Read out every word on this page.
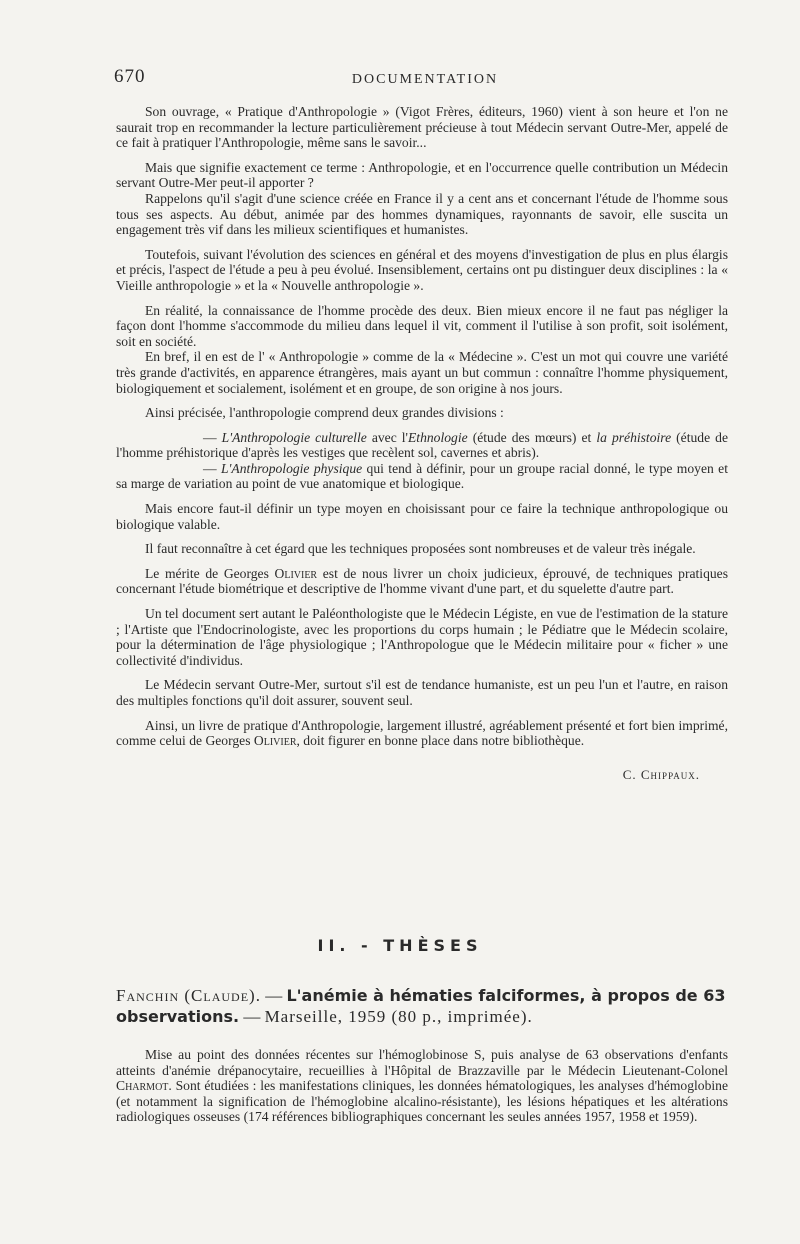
670	DOCUMENTATION

Son ouvrage, « Pratique d'Anthropologie » (Vigot Frères, éditeurs, 1960) vient à son heure et l'on ne saurait trop en recommander la lecture particulièrement précieuse à tout Médecin servant Outre-Mer, appelé de ce fait à pratiquer l'Anthropologie, même sans le savoir...

Mais que signifie exactement ce terme : Anthropologie, et en l'occurrence quelle contribution un Médecin servant Outre-Mer peut-il apporter ?

Rappelons qu'il s'agit d'une science créée en France il y a cent ans et concernant l'étude de l'homme sous tous ses aspects. Au début, animée par des hommes dynamiques, rayonnants de savoir, elle suscita un engagement très vif dans les milieux scientifiques et humanistes.

Toutefois, suivant l'évolution des sciences en général et des moyens d'investigation de plus en plus élargis et précis, l'aspect de l'étude a peu à peu évolué. Insensiblement, certains ont pu distinguer deux disciplines : la « Vieille anthropologie » et la « Nouvelle anthropologie ».

En réalité, la connaissance de l'homme procède des deux. Bien mieux encore il ne faut pas négliger la façon dont l'homme s'accommode du milieu dans lequel il vit, comment il l'utilise à son profit, soit isolément, soit en société.

En bref, il en est de l' « Anthropologie » comme de la « Médecine ». C'est un mot qui couvre une variété très grande d'activités, en apparence étrangères, mais ayant un but commun : connaître l'homme physiquement, biologiquement et socialement, isolément et en groupe, de son origine à nos jours.

Ainsi précisée, l'anthropologie comprend deux grandes divisions :

— L'Anthropologie culturelle avec l'Ethnologie (étude des mœurs) et la préhistoire (étude de l'homme préhistorique d'après les vestiges que recèlent sol, cavernes et abris).

— L'Anthropologie physique qui tend à définir, pour un groupe racial donné, le type moyen et sa marge de variation au point de vue anatomique et biologique.

Mais encore faut-il définir un type moyen en choisissant pour ce faire la technique anthropologique ou biologique valable.

Il faut reconnaître à cet égard que les techniques proposées sont nombreuses et de valeur très inégale.

Le mérite de Georges Olivier est de nous livrer un choix judicieux, éprouvé, de techniques pratiques concernant l'étude biométrique et descriptive de l'homme vivant d'une part, et du squelette d'autre part.

Un tel document sert autant le Paléonthologiste que le Médecin Légiste, en vue de l'estimation de la stature ; l'Artiste que l'Endocrinologiste, avec les proportions du corps humain ; le Pédiatre que le Médecin scolaire, pour la détermination de l'âge physiologique ; l'Anthropologue que le Médecin militaire pour « ficher » une collectivité d'individus.

Le Médecin servant Outre-Mer, surtout s'il est de tendance humaniste, est un peu l'un et l'autre, en raison des multiples fonctions qu'il doit assurer, souvent seul.

Ainsi, un livre de pratique d'Anthropologie, largement illustré, agréablement présenté et fort bien imprimé, comme celui de Georges Olivier, doit figurer en bonne place dans notre bibliothèque.

C. Chippaux.
II. - THÈSES
Fanchin (Claude). — L'anémie à hématies falciformes, à propos de 63 observations. — Marseille, 1959 (80 p., imprimée).

Mise au point des données récentes sur l'hémoglobinose S, puis analyse de 63 observations d'enfants atteints d'anémie drépanocytaire, recueillies à l'Hôpital de Brazzaville par le Médecin Lieutenant-Colonel Charmot. Sont étudiées : les manifestations cliniques, les données hématologiques, les analyses d'hémoglobine (et notamment la signification de l'hémoglobine alcalino-résistante), les lésions hépatiques et les altérations radiologiques osseuses (174 références bibliographiques concernant les seules années 1957, 1958 et 1959).
